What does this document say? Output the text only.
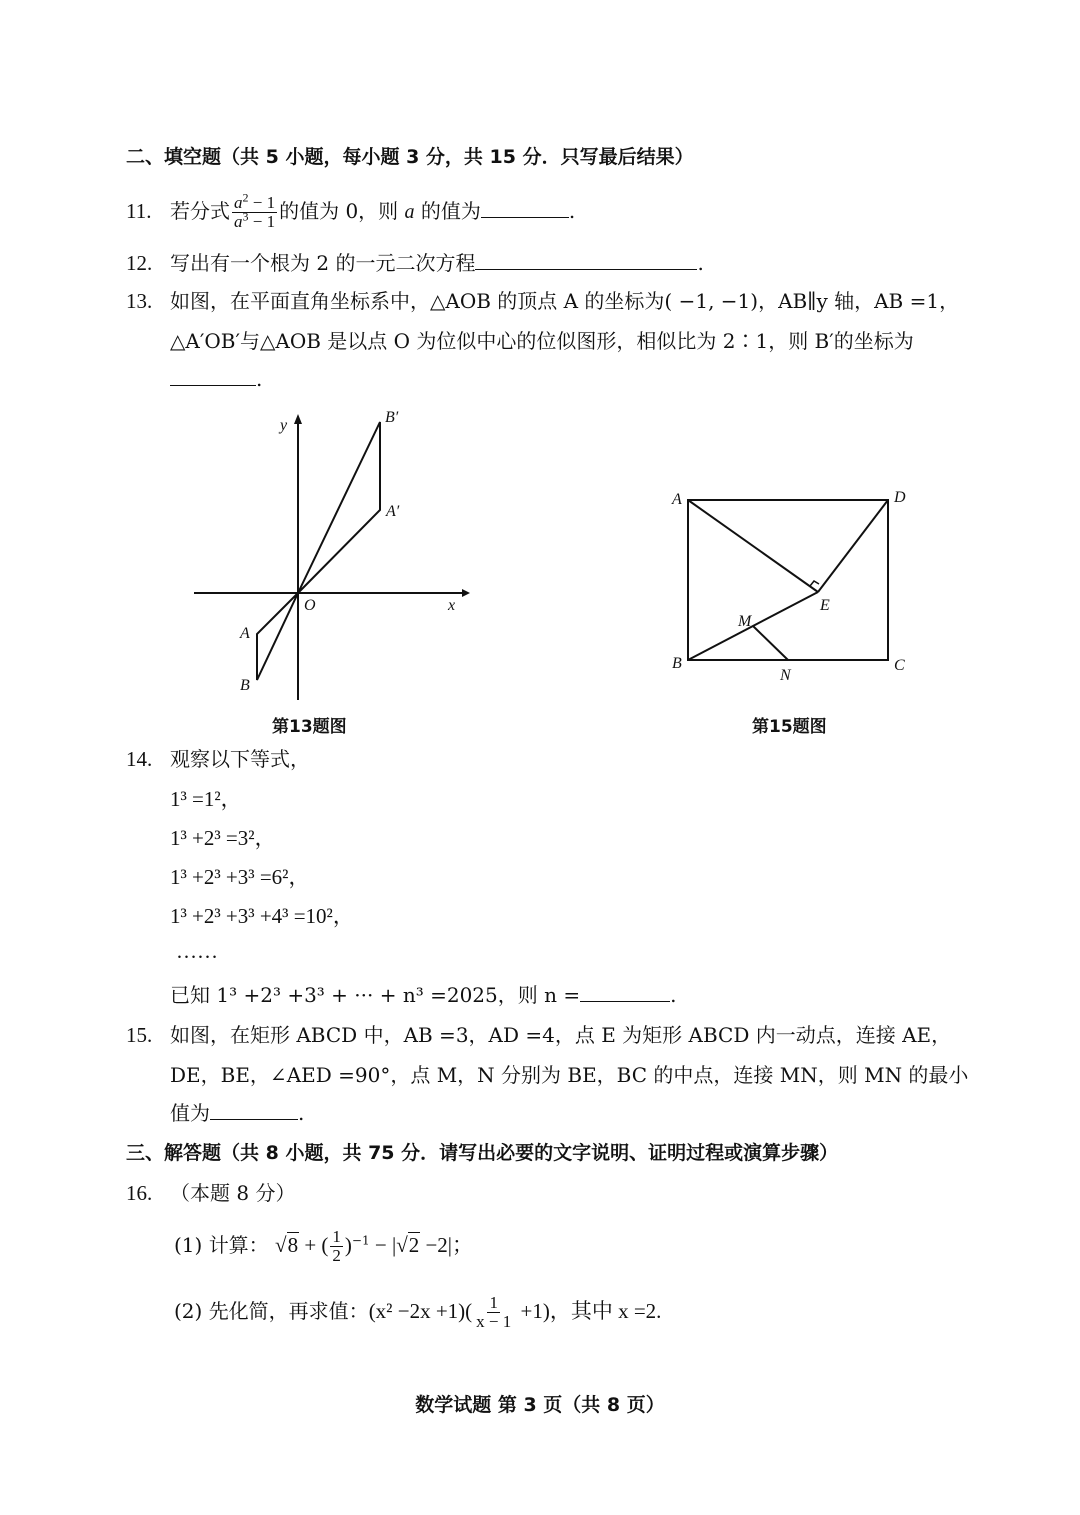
二、填空题（共 5 小题，每小题 3 分，共 15 分．只写最后结果）
11. 若分式 $\frac{a^2 - 1}{a^3 - 1}$ 的值为 0，则 a 的值为	.
12. 写出有一个根为 2 的一元二次方程	.
13. 如图，在平面直角坐标系中，△AOB 的顶点 A 的坐标为( −1, −1)，AB∥y 轴，AB =1，
△A′OB′与△AOB 是以点 O 为位似中心的位似图形，相似比为 2∶1，则 B′的坐标为
.
y
x
O
A
B
A′
B′
第13题图
A	D
B	C
E
M
N
第15题图
14. 观察以下等式，
1³ =1²，
1³ +2³ =3²，
1³ +2³ +3³ =6²，
1³ +2³ +3³ +4³ =10²，
……
已知 1³ +2³ +3³ + ··· + n³ =2025，则 n =	.
15. 如图，在矩形 ABCD 中，AB =3，AD =4，点 E 为矩形 ABCD 内一动点，连接 AE，
DE，BE，∠AED =90°，点 M，N 分别为 BE，BC 的中点，连接 MN，则 MN 的最小
值为	.
三、解答题（共 8 小题，共 75 分．请写出必要的文字说明、证明过程或演算步骤）
16. （本题 8 分）
(1) 计算： √8 + ( $\frac{1}{2} )^{-1} - |√2 -2|$；
(2) 先化简，再求值：$(x^2 -2x +1)( \frac{1}{x - 1} +1)$，其中 x =2.
数学试题 第 3 页（共 8 页）
